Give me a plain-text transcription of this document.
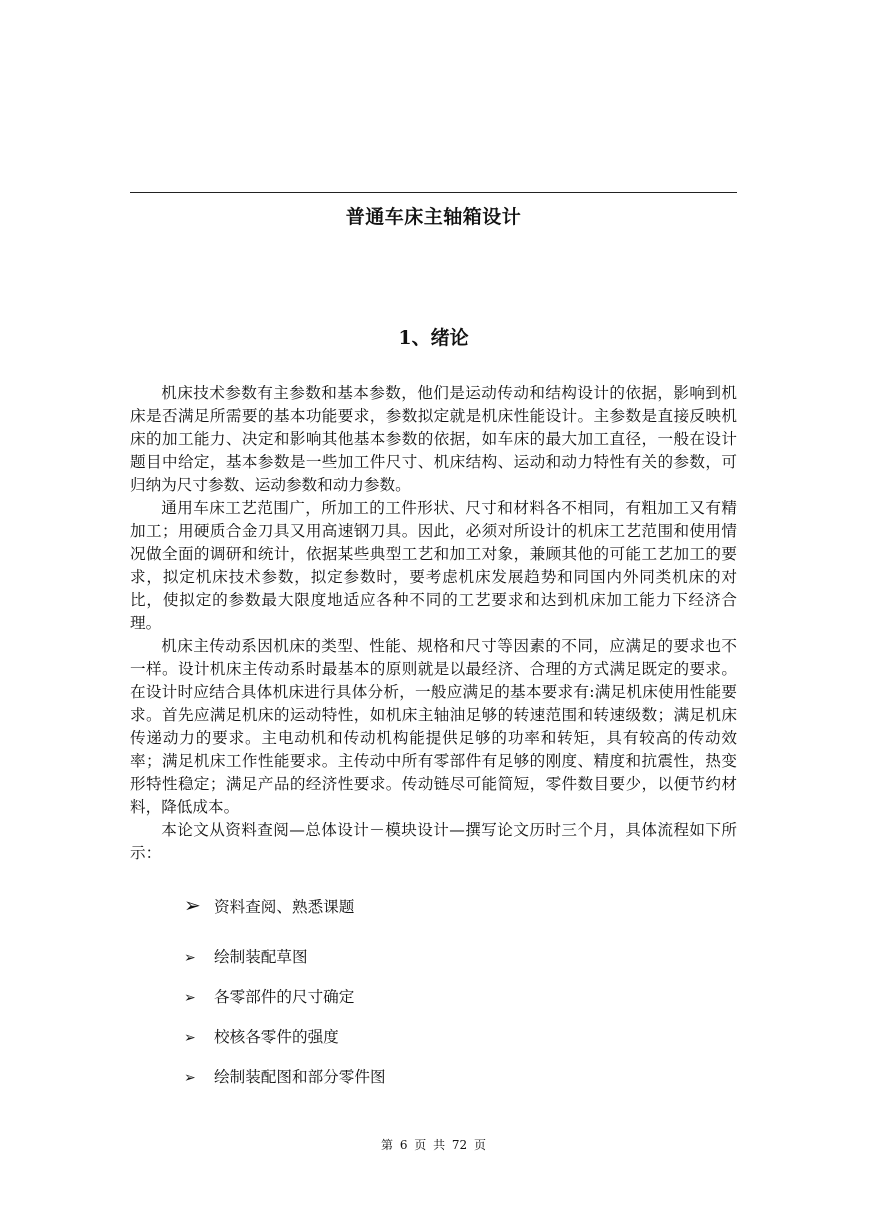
普通车床主轴箱设计
1、绪论

机床技术参数有主参数和基本参数，他们是运动传动和结构设计的依据，影响到机床是否满足所需要的基本功能要求，参数拟定就是机床性能设计。主参数是直接反映机床的加工能力、决定和影响其他基本参数的依据，如车床的最大加工直径，一般在设计题目中给定，基本参数是一些加工件尺寸、机床结构、运动和动力特性有关的参数，可归纳为尺寸参数、运动参数和动力参数。

通用车床工艺范围广，所加工的工件形状、尺寸和材料各不相同，有粗加工又有精加工；用硬质合金刀具又用高速钢刀具。因此，必须对所设计的机床工艺范围和使用情况做全面的调研和统计，依据某些典型工艺和加工对象，兼顾其他的可能工艺加工的要求，拟定机床技术参数，拟定参数时，要考虑机床发展趋势和同国内外同类机床的对比，使拟定的参数最大限度地适应各种不同的工艺要求和达到机床加工能力下经济合理。

机床主传动系因机床的类型、性能、规格和尺寸等因素的不同，应满足的要求也不一样。设计机床主传动系时最基本的原则就是以最经济、合理的方式满足既定的要求。在设计时应结合具体机床进行具体分析，一般应满足的基本要求有:满足机床使用性能要求。首先应满足机床的运动特性，如机床主轴油足够的转速范围和转速级数；满足机床传递动力的要求。主电动机和传动机构能提供足够的功率和转矩，具有较高的传动效率；满足机床工作性能要求。主传动中所有零部件有足够的刚度、精度和抗震性，热变形特性稳定；满足产品的经济性要求。传动链尽可能简短，零件数目要少，以便节约材料，降低成本。

本论文从资料查阅—总体设计－模块设计—撰写论文历时三个月，具体流程如下所示：

➢ 资料查阅、熟悉课题
➢ 绘制装配草图
➢ 各零部件的尺寸确定
➢ 校核各零件的强度
➢ 绘制装配图和部分零件图
第 6 页 共 72 页
